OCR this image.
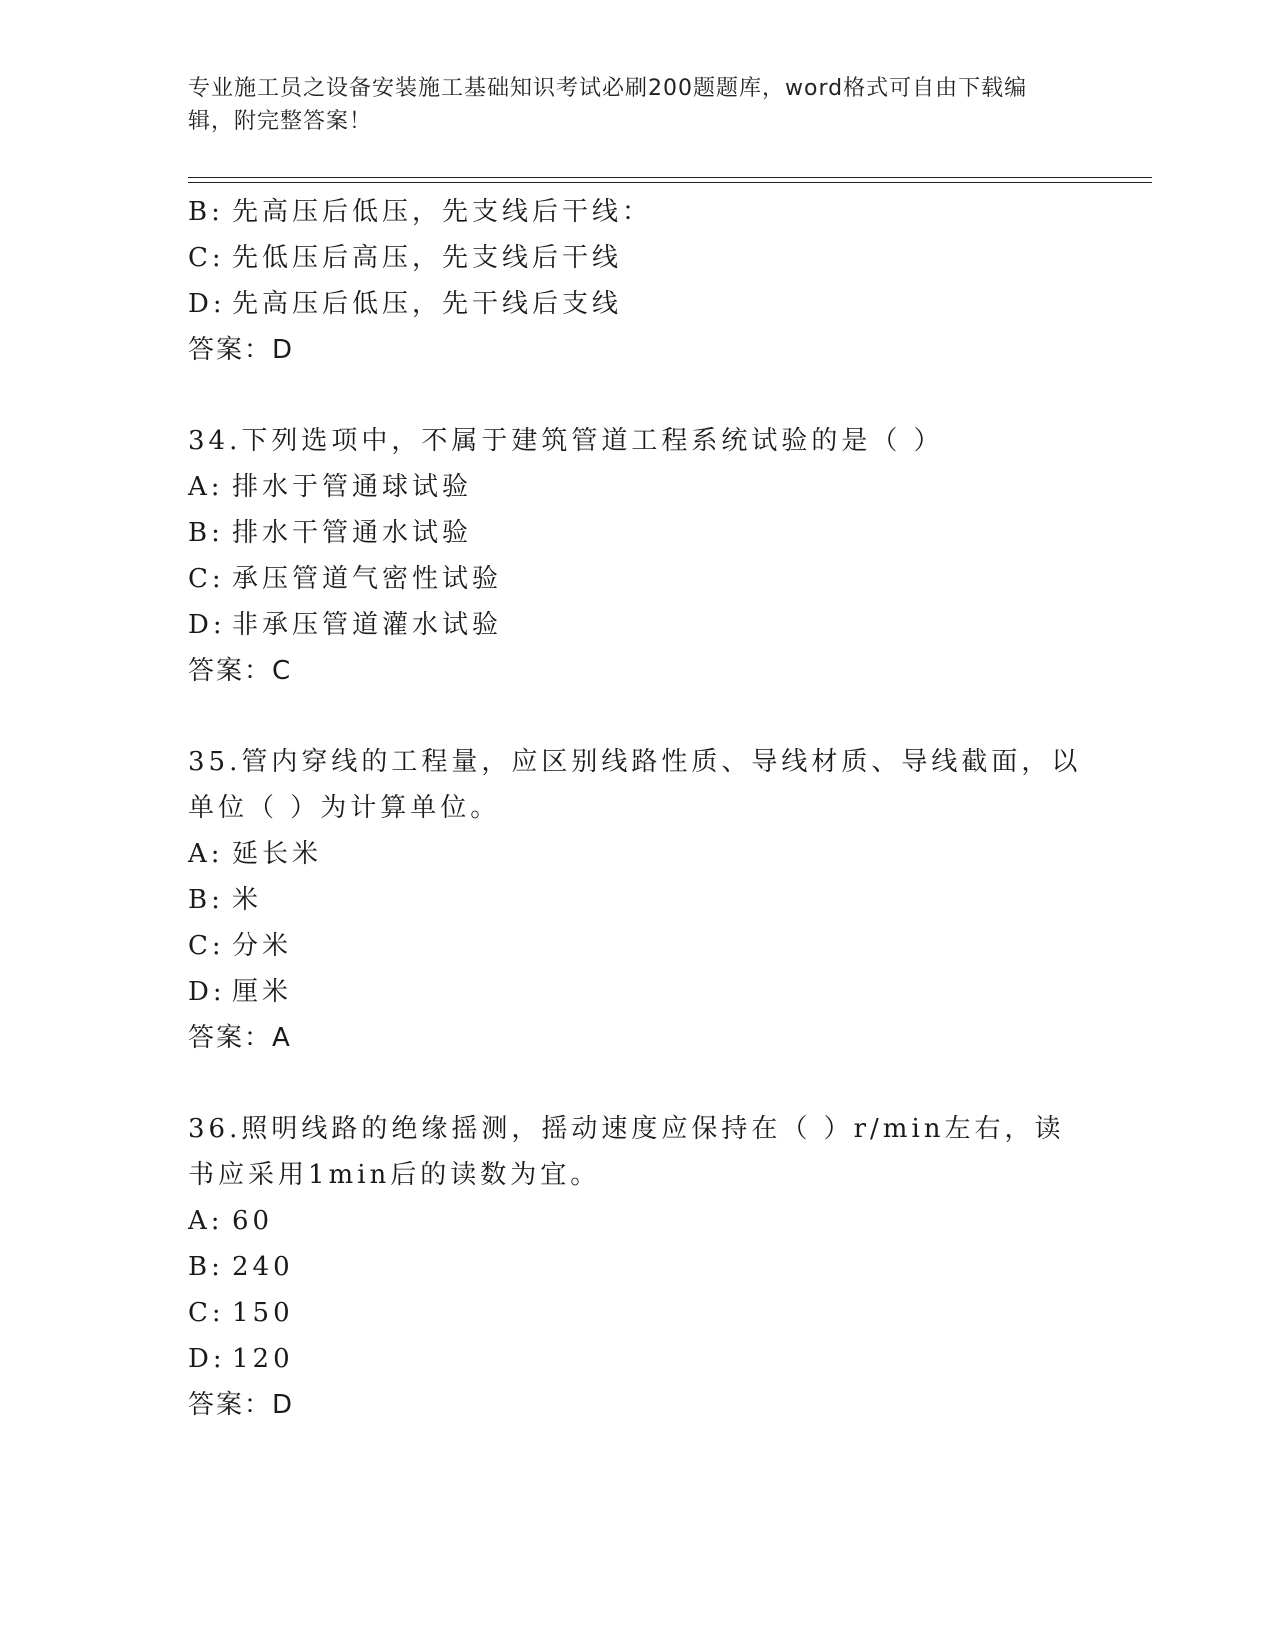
专业施工员之设备安装施工基础知识考试必刷200题题库，word格式可自由下载编辑，附完整答案！
B: 先高压后低压，先支线后干线：
C: 先低压后高压，先支线后干线
D: 先高压后低压，先干线后支线
答案：D
34.下列选项中，不属于建筑管道工程系统试验的是（ ）
A: 排水于管通球试验
B: 排水干管通水试验
C: 承压管道气密性试验
D: 非承压管道灌水试验
答案：C
35.管内穿线的工程量，应区别线路性质、导线材质、导线截面，以单位（ ）为计算单位。
A: 延长米
B: 米
C: 分米
D: 厘米
答案：A
36.照明线路的绝缘摇测，摇动速度应保持在（ ）r/min左右，读书应采用1min后的读数为宜。
A: 60
B: 240
C: 150
D: 120
答案：D
